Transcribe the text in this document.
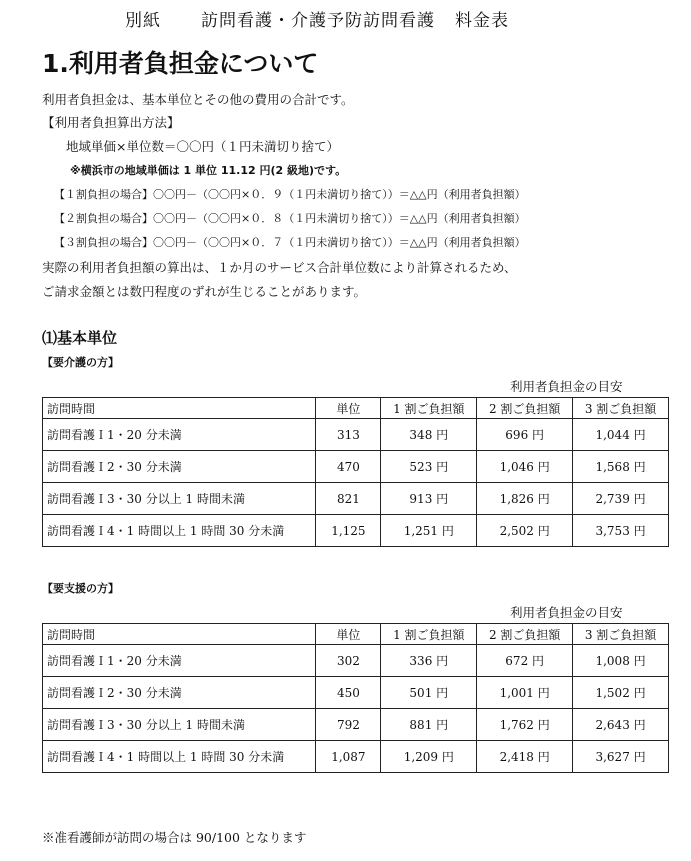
別紙 訪問看護・介護予防訪問看護 料金表
1.利用者負担金について
利用者負担金は、基本単位とその他の費用の合計です。
【利用者負担算出方法】
地域単価×単位数＝〇〇円（１円未満切り捨て）
※横浜市の地域単価は 1 単位 11.12 円(2 級地)です。
【１割負担の場合】〇〇円－（〇〇円×０．９（１円未満切り捨て））＝△△円（利用者負担額）
【２割負担の場合】〇〇円－（〇〇円×０．８（１円未満切り捨て））＝△△円（利用者負担額）
【３割負担の場合】〇〇円－（〇〇円×０．７（１円未満切り捨て））＝△△円（利用者負担額）
実際の利用者負担額の算出は、１か月のサービス合計単位数により計算されるため、
ご請求金額とは数円程度のずれが生じることがあります。
⑴基本単位
【要介護の方】
利用者負担金の目安
訪問時間	単位	1 割ご負担額	2 割ご負担額	3 割ご負担額
訪問看護Ｉ1・20 分未満	313	348 円	696 円	1,044 円
訪問看護Ｉ2・30 分未満	470	523 円	1,046 円	1,568 円
訪問看護Ｉ3・30 分以上 1 時間未満	821	913 円	1,826 円	2,739 円
訪問看護Ｉ4・1 時間以上 1 時間 30 分未満	1,125	1,251 円	2,502 円	3,753 円
【要支援の方】
利用者負担金の目安
訪問時間	単位	1 割ご負担額	2 割ご負担額	3 割ご負担額
訪問看護Ｉ1・20 分未満	302	336 円	672 円	1,008 円
訪問看護Ｉ2・30 分未満	450	501 円	1,001 円	1,502 円
訪問看護Ｉ3・30 分以上 1 時間未満	792	881 円	1,762 円	2,643 円
訪問看護Ｉ4・1 時間以上 1 時間 30 分未満	1,087	1,209 円	2,418 円	3,627 円
※准看護師が訪問の場合は 90/100 となります
